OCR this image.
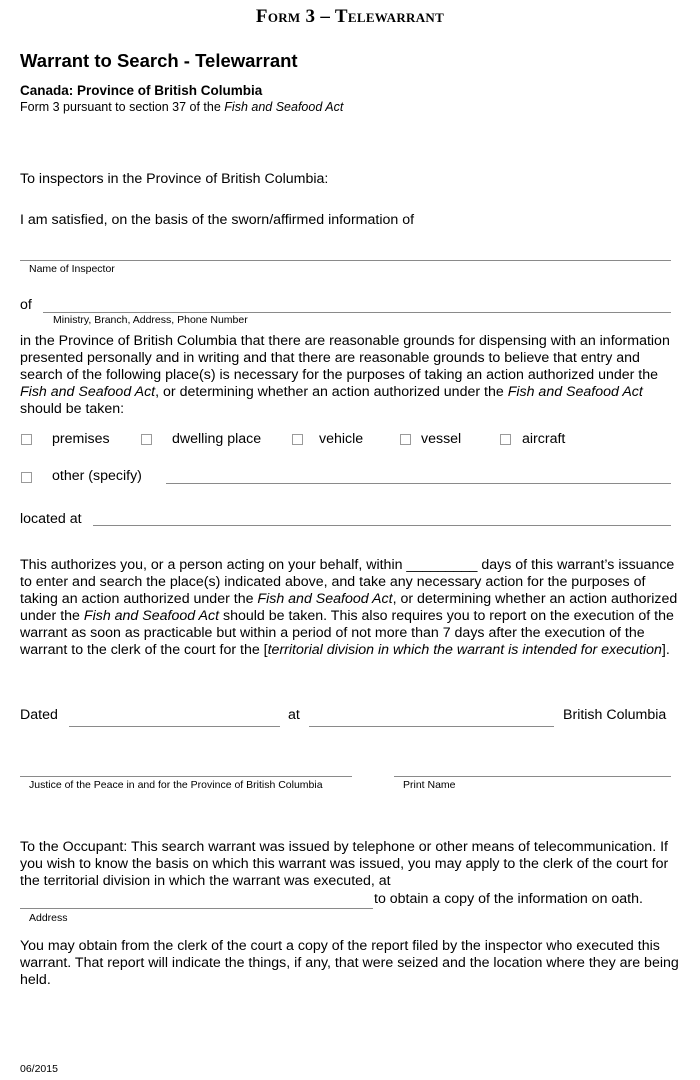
Form 3 – Telewarrant
Warrant to Search - Telewarrant
Canada: Province of British Columbia
Form 3 pursuant to section 37 of the Fish and Seafood Act
To inspectors in the Province of British Columbia:
I am satisfied, on the basis of the sworn/affirmed information of
Name of Inspector
of
Ministry, Branch, Address, Phone Number
in the Province of British Columbia that there are reasonable grounds for dispensing with an information presented personally and in writing and that there are reasonable grounds to believe that entry and search of the following place(s) is necessary for the purposes of taking an action authorized under the Fish and Seafood Act, or determining whether an action authorized under the Fish and Seafood Act should be taken:
premises	dwelling place	vehicle	vessel	aircraft
other (specify)
located at
This authorizes you, or a person acting on your behalf, within _________ days of this warrant’s issuance to enter and search the place(s) indicated above, and take any necessary action for the purposes of taking an action authorized under the Fish and Seafood Act, or determining whether an action authorized under the Fish and Seafood Act should be taken. This also requires you to report on the execution of the warrant as soon as practicable but within a period of not more than 7 days after the execution of the warrant to the clerk of the court for the [territorial division in which the warrant is intended for execution].
Dated	at	British Columbia
Justice of the Peace in and for the Province of British Columbia	Print Name
To the Occupant: This search warrant was issued by telephone or other means of telecommunication. If you wish to know the basis on which this warrant was issued, you may apply to the clerk of the court for the territorial division in which the warrant was executed, at
to obtain a copy of the information on oath.
Address
You may obtain from the clerk of the court a copy of the report filed by the inspector who executed this warrant. That report will indicate the things, if any, that were seized and the location where they are being held.
06/2015
